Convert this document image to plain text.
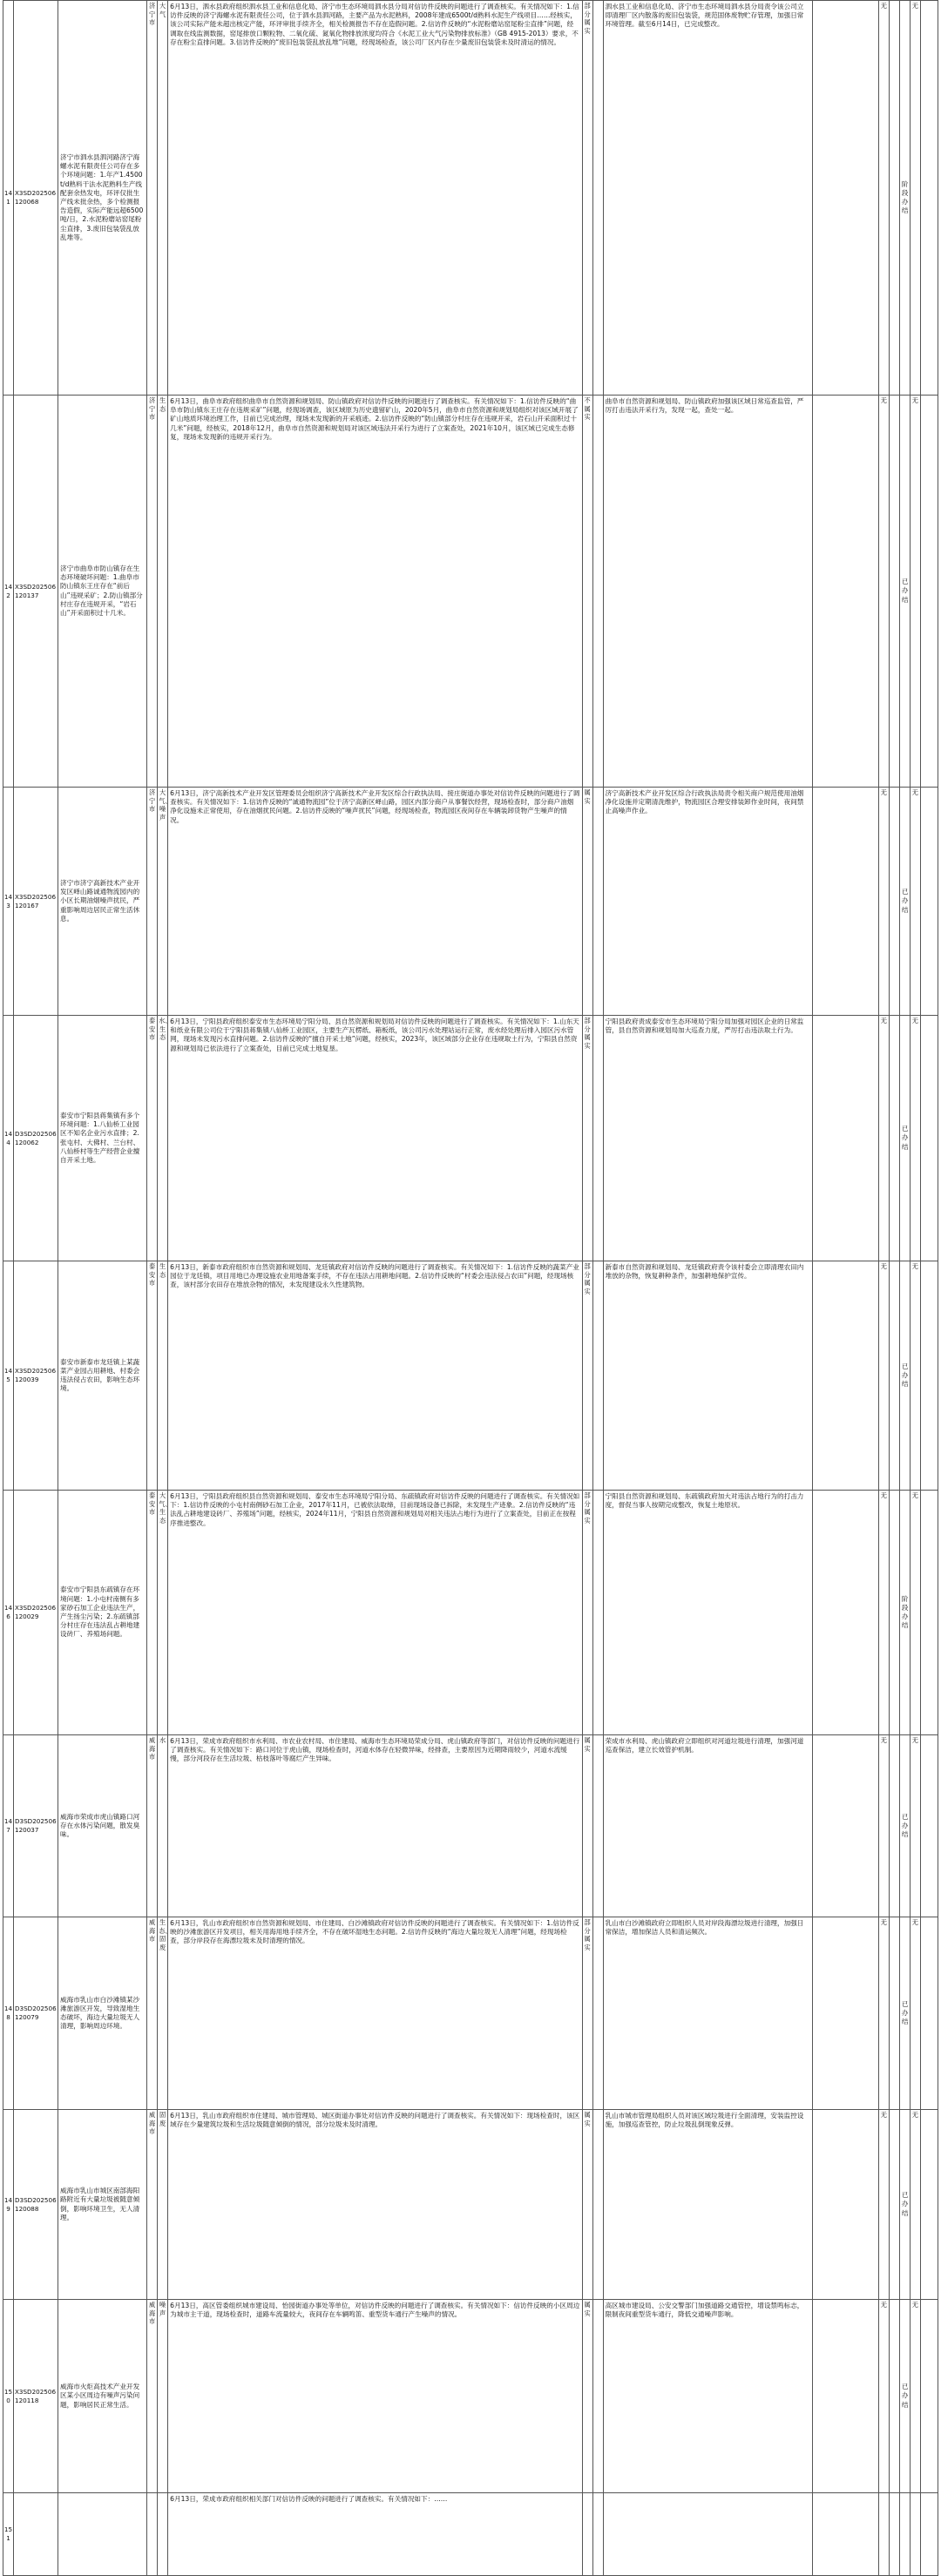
141	X3SD202506120068	济宁市泗水县泗河路济宁海螺水泥有限责任公司存在多个环境问题：1.年产1.4500t/d熟料干法水泥熟料生产线配套余热发电，环评仅批生产线未批余热，多个检测报告造假，实际产能远超6500吨/日，2.水泥粉磨站窑尾粉尘直排，3.废旧包装袋乱放乱堆等。	济宁市	大气	6月13日，泗水县政府组织泗水县工业和信息化局、济宁市生态环境局泗水县分局对信访件反映的问题进行了调查核实。有关情况如下：1.信访件反映的济宁海螺水泥有限责任公司，位于泗水县泗河路，主要产品为水泥熟料，2008年建成6500t/d熟料水泥生产线项目……经核实，该公司实际产能未超出核定产能，环评审批手续齐全，相关检测报告不存在造假问题。2.信访件反映的“水泥粉磨站窑尾粉尘直排”问题，经调取在线监测数据，窑尾排放口颗粒物、二氧化硫、氮氧化物排放浓度均符合《水泥工业大气污染物排放标准》（GB 4915-2013）要求，不存在粉尘直排问题。3.信访件反映的“废旧包装袋乱放乱堆”问题，经现场检查，该公司厂区内存在少量废旧包装袋未及时清运的情况。	部分属实		泗水县工业和信息化局、济宁市生态环境局泗水县分局责令该公司立即清理厂区内散落的废旧包装袋，规范固体废物贮存管理，加强日常环境管理。截至6月14日，已完成整改。		无		阶段办结	无	
142	X3SD202506120137	济宁市曲阜市防山镇存在生态环境破坏问题：1.曲阜市防山镇东王庄存在“前后山”违规采矿；2.防山镇部分村庄存在违规开采，“岩石山”开采面积过十几米。	济宁市	生态	6月13日，曲阜市政府组织曲阜市自然资源和规划局、防山镇政府对信访件反映的问题进行了调查核实。有关情况如下：1.信访件反映的“曲阜市防山镇东王庄存在违规采矿”问题，经现场调查，该区域原为历史遗留矿山，2020年5月，曲阜市自然资源和规划局组织对该区域开展了矿山地质环境治理工作，目前已完成治理，现场未发现新的开采痕迹。2.信访件反映的“防山镇部分村庄存在违规开采，岩石山开采面积过十几米”问题，经核实，2018年12月，曲阜市自然资源和规划局对该区域违法开采行为进行了立案查处，2021年10月，该区域已完成生态修复，现场未发现新的违规开采行为。	不属实		曲阜市自然资源和规划局、防山镇政府加强该区域日常巡查监管，严厉打击违法开采行为，发现一起，查处一起。		无		已办结	无	
143	X3SD202506120167	济宁市济宁高新技术产业开发区峄山路诚通物流园内的小区长期油烟噪声扰民，严重影响周边居民正常生活休息。	济宁市	大气、噪声	6月13日，济宁高新技术产业开发区管理委员会组织济宁高新技术产业开发区综合行政执法局、接庄街道办事处对信访件反映的问题进行了调查核实。有关情况如下：1.信访件反映的“诚通物流园”位于济宁高新区峄山路，园区内部分商户从事餐饮经营，现场检查时，部分商户油烟净化设施未正常使用，存在油烟扰民问题。2.信访件反映的“噪声扰民”问题，经现场检查，物流园区夜间存在车辆装卸货物产生噪声的情况。	属实		济宁高新技术产业开发区综合行政执法局责令相关商户规范使用油烟净化设施并定期清洗维护，物流园区合理安排装卸作业时间，夜间禁止高噪声作业。		无		已办结	无	
144	D3SD202506120062	泰安市宁阳县蒋集镇有多个环境问题：1.八仙桥工业园区不知名企业污水直排；2.张屯村、大佛村、兰台村、八仙桥村等生产经营企业擅自开采土地。	泰安市	水、生态	6月13日，宁阳县政府组织泰安市生态环境局宁阳分局、县自然资源和规划局对信访件反映的问题进行了调查核实。有关情况如下：1.山东天和纸业有限公司位于宁阳县蒋集镇八仙桥工业园区，主要生产瓦楞纸、箱板纸，该公司污水处理站运行正常，废水经处理后排入园区污水管网，现场未发现污水直排问题。2.信访件反映的“擅自开采土地”问题，经核实，2023年，该区域部分企业存在违规取土行为，宁阳县自然资源和规划局已依法进行了立案查处，目前已完成土地复垦。	部分属实		宁阳县政府责成泰安市生态环境局宁阳分局加强对园区企业的日常监管，县自然资源和规划局加大巡查力度，严厉打击违法取土行为。		无		已办结	无	
145	X3SD202506120039	泰安市新泰市龙廷镇上某蔬菜产业园占用耕地、村委会违法侵占农田，影响生态环境。	泰安市	生态	6月13日，新泰市政府组织市自然资源和规划局、龙廷镇政府对信访件反映的问题进行了调查核实。有关情况如下：1.信访件反映的蔬菜产业园位于龙廷镇，项目用地已办理设施农业用地备案手续，不存在违法占用耕地问题。2.信访件反映的“村委会违法侵占农田”问题，经现场核查，该村部分农田存在堆放杂物的情况，未发现建设永久性建筑物。	部分属实		新泰市自然资源和规划局、龙廷镇政府责令该村委会立即清理农田内堆放的杂物，恢复耕种条件，加强耕地保护宣传。		无		已办结	无	
146	X3SD202506120029	泰安市宁阳县东疏镇存在环境问题：1.小屯村南侧有多家砂石加工企业违法生产，产生扬尘污染；2.东疏镇部分村庄存在违法乱占耕地建设砖厂、养殖场问题。	泰安市	大气、生态	6月13日，宁阳县政府组织县自然资源和规划局、泰安市生态环境局宁阳分局、东疏镇政府对信访件反映的问题进行了调查核实。有关情况如下：1.信访件反映的小屯村南侧砂石加工企业，2017年11月，已被依法取缔，目前现场设备已拆除，未发现生产迹象。2.信访件反映的“违法乱占耕地建设砖厂、养殖场”问题，经核实，2024年11月，宁阳县自然资源和规划局对相关违法占地行为进行了立案查处，目前正在按程序推进整改。	部分属实		宁阳县自然资源和规划局、东疏镇政府加大对违法占地行为的打击力度，督促当事人按期完成整改，恢复土地原状。		无		阶段办结	无	
147	D3SD202506120037	威海市荣成市虎山镇路口河存在水体污染问题，散发臭味。	威海市	水	6月13日，荣成市政府组织市水利局、市农业农村局、市住建局、威海市生态环境局荣成分局、虎山镇政府等部门，对信访件反映的问题进行了调查核实。有关情况如下：路口河位于虎山镇，现场检查时，河道水体存在轻微异味，经排查，主要原因为近期降雨较少，河道水流缓慢，部分河段存在生活垃圾、枯枝落叶等腐烂产生异味。	属实		荣成市水利局、虎山镇政府立即组织对河道垃圾进行清理，加强河道巡查保洁，建立长效管护机制。		无		已办结	无	
148	D3SD202506120079	威海市乳山市白沙滩镇某沙滩旅游区开发，导致湿地生态破坏，海边大量垃圾无人清理，影响周边环境。	威海市	生态、固废	6月13日，乳山市政府组织市自然资源和规划局、市住建局、白沙滩镇政府对信访件反映的问题进行了调查核实。有关情况如下：1.信访件反映的沙滩旅游区开发项目，相关用海用地手续齐全，不存在破坏湿地生态问题。2.信访件反映的“海边大量垃圾无人清理”问题，经现场检查，部分岸段存在海漂垃圾未及时清理的情况。	部分属实		乳山市白沙滩镇政府立即组织人员对岸段海漂垃圾进行清理，加强日常保洁，增加保洁人员和清运频次。		无		已办结	无	
149	D3SD202506120088	威海市乳山市城区南部海阳路附近有大量垃圾被随意倾倒，影响环境卫生，无人清理。	威海市	固废	6月13日，乳山市政府组织市住建局、城市管理局、城区街道办事处对信访件反映的问题进行了调查核实。有关情况如下：现场检查时，该区域存在少量建筑垃圾和生活垃圾随意倾倒的情况，部分垃圾未及时清理。	属实		乳山市城市管理局组织人员对该区域垃圾进行全面清理，安装监控设施，加强巡查管控，防止垃圾乱倒现象反弹。		无		已办结	无	
150	X3SD202506120118	威海市火炬高技术产业开发区某小区周边有噪声污染问题，影响居民正常生活。	威海市	噪声	6月13日，高区管委组织城市建设局、怡园街道办事处等单位，对信访件反映的问题进行了调查核实。有关情况如下：信访件反映的小区周边为城市主干道，现场检查时，道路车流量较大，夜间存在车辆鸣笛、重型货车通行产生噪声的情况。	属实		高区城市建设局、公安交警部门加强道路交通管控，增设禁鸣标志，限制夜间重型货车通行，降低交通噪声影响。		无		已办结	无	
151					6月13日，荣成市政府组织相关部门对信访件反映的问题进行了调查核实。有关情况如下：……									
